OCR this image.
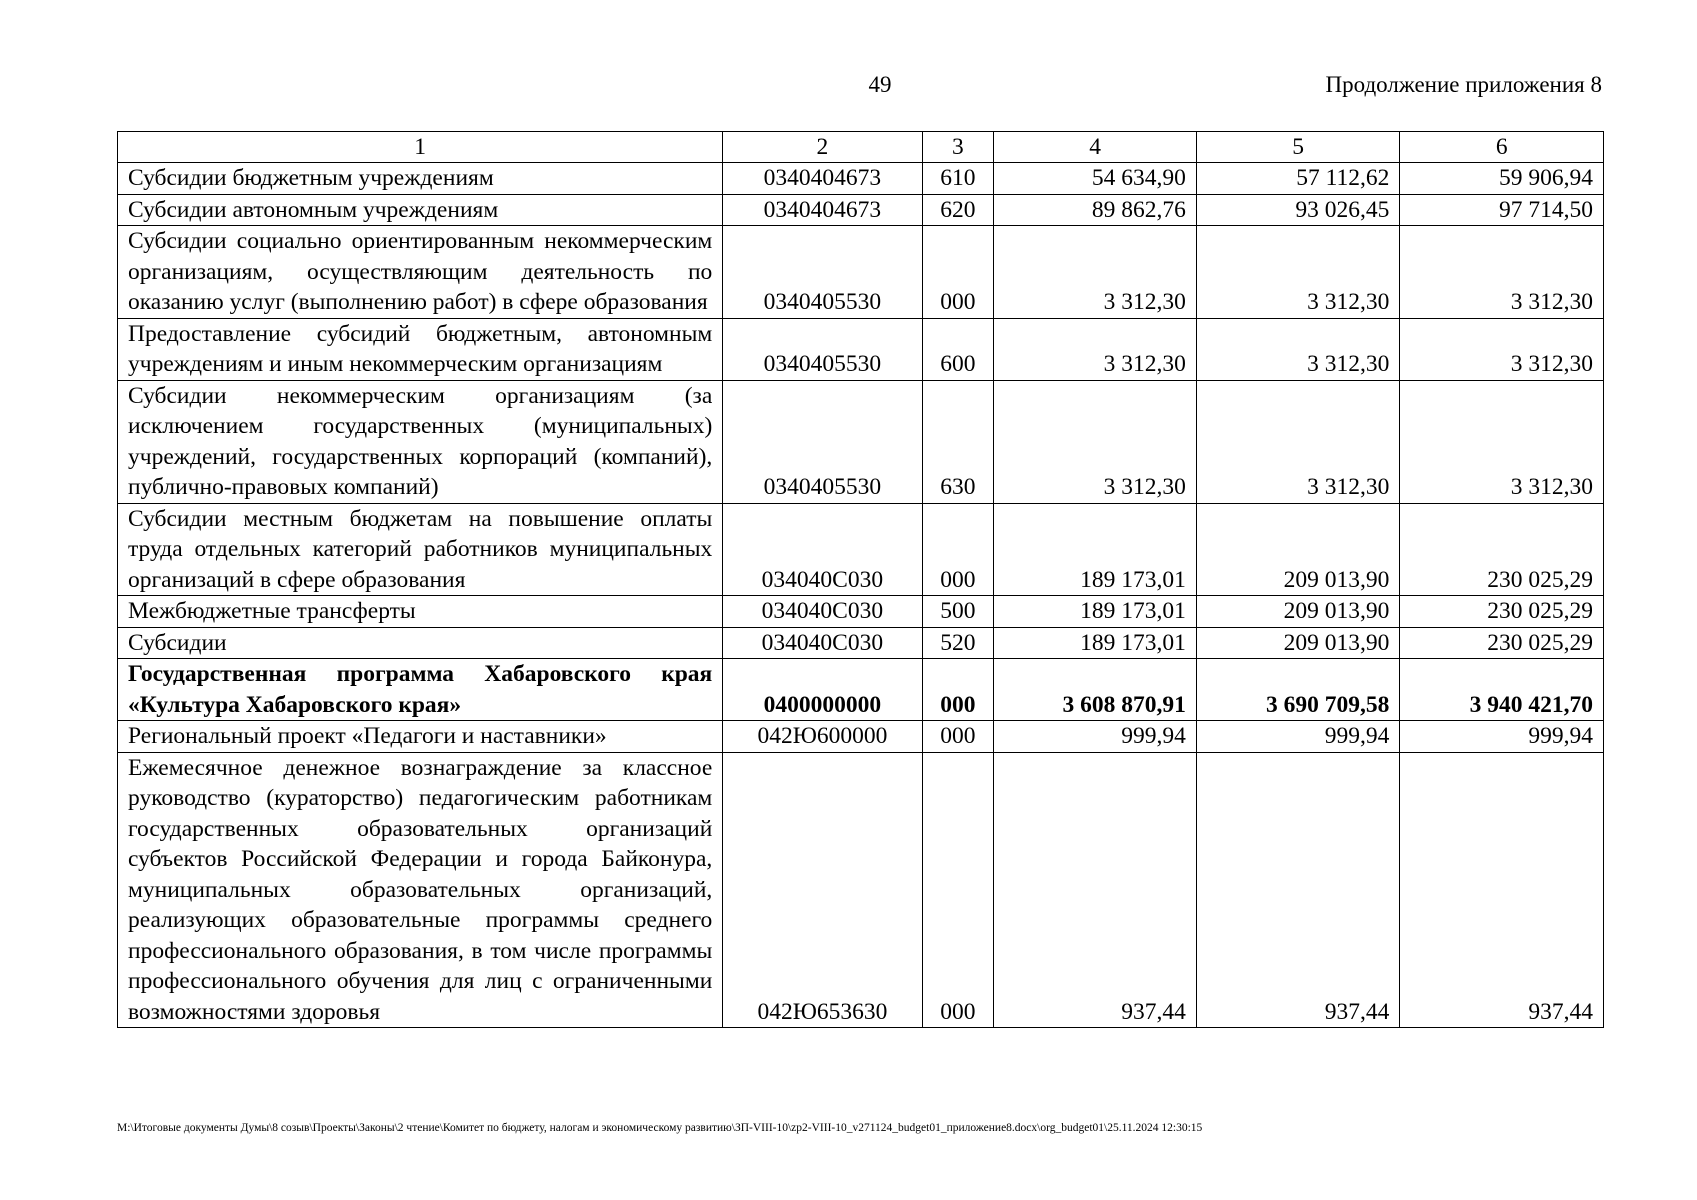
49	Продолжение приложения 8
1	2	3	4	5	6
Субсидии бюджетным учреждениям	0340404673	610	54 634,90	57 112,62	59 906,94
Субсидии автономным учреждениям	0340404673	620	89 862,76	93 026,45	97 714,50
Субсидии социально ориентированным некоммерческим организациям, осуществляющим деятельность по оказанию услуг (выполнению работ) в сфере образования	0340405530	000	3 312,30	3 312,30	3 312,30
Предоставление субсидий бюджетным, автономным учреждениям и иным некоммерческим организациям	0340405530	600	3 312,30	3 312,30	3 312,30
Субсидии некоммерческим организациям (за исключением государственных (муниципальных) учреждений, государственных корпораций (компаний), публично-правовых компаний)	0340405530	630	3 312,30	3 312,30	3 312,30
Субсидии местным бюджетам на повышение оплаты труда отдельных категорий работников муниципальных организаций в сфере образования	034040С030	000	189 173,01	209 013,90	230 025,29
Межбюджетные трансферты	034040С030	500	189 173,01	209 013,90	230 025,29
Субсидии	034040С030	520	189 173,01	209 013,90	230 025,29
Государственная программа Хабаровского края «Культура Хабаровского края»	0400000000	000	3 608 870,91	3 690 709,58	3 940 421,70
Региональный проект «Педагоги и наставники»	042Ю600000	000	999,94	999,94	999,94
Ежемесячное денежное вознаграждение за классное руководство (кураторство) педагогическим работникам государственных образовательных организаций субъектов Российской Федерации и города Байконура, муниципальных образовательных организаций, реализующих образовательные программы среднего профессионального образования, в том числе программы профессионального обучения для лиц с ограниченными возможностями здоровья	042Ю653630	000	937,44	937,44	937,44
M:\Итоговые документы Думы\8 созыв\Проекты\Законы\2 чтение\Комитет по бюджету, налогам и экономическому развитию\ЗП-VIII-10\zp2-VIII-10_v271124_budget01_приложение8.docx\org_budget01\25.11.2024 12:30:15
